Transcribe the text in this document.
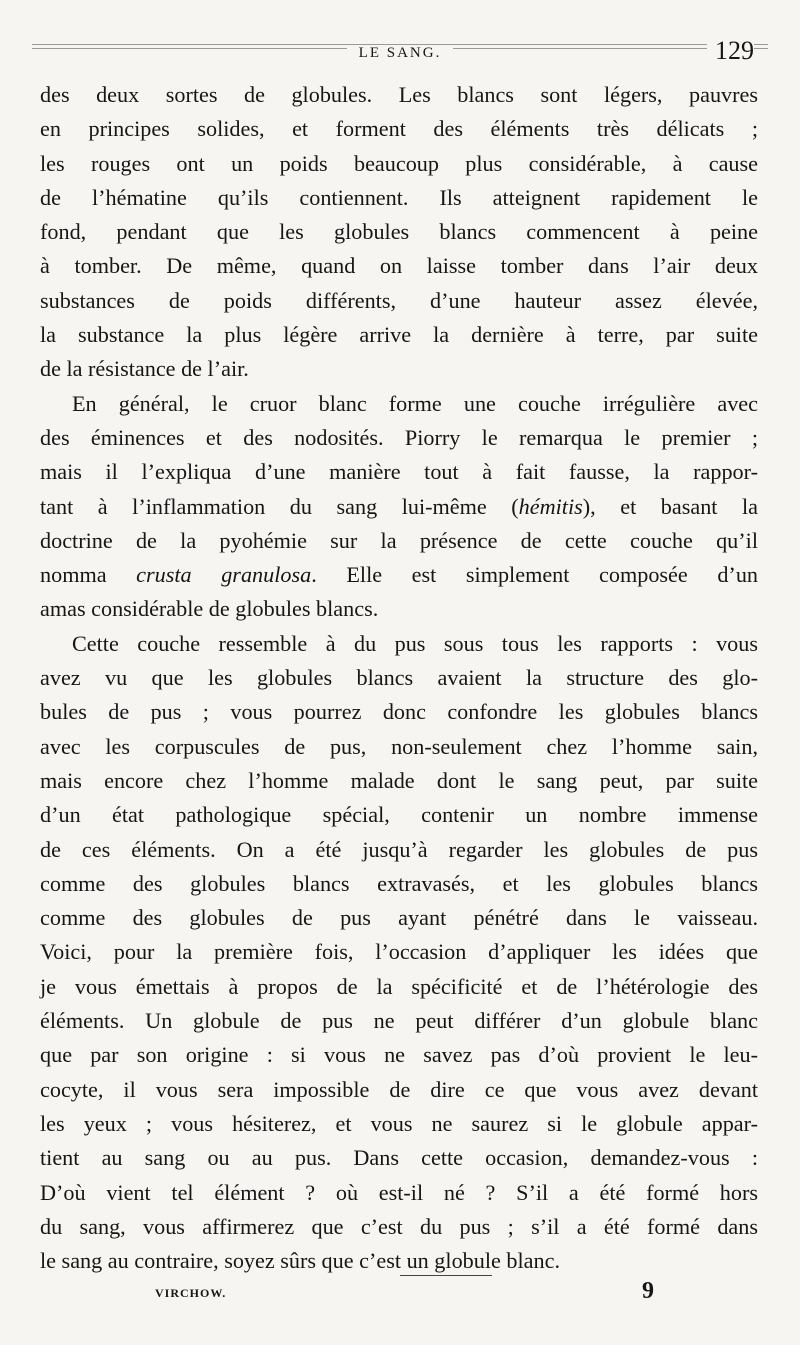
LE SANG.	129

des deux sortes de globules. Les blancs sont légers, pauvres
en principes solides, et forment des éléments très délicats ;
les rouges ont un poids beaucoup plus considérable, à cause
de l’hématine qu’ils contiennent. Ils atteignent rapidement le
fond, pendant que les globules blancs commencent à peine
à tomber. De même, quand on laisse tomber dans l’air deux
substances de poids différents, d’une hauteur assez élevée,
la substance la plus légère arrive la dernière à terre, par suite
de la résistance de l’air.

En général, le cruor blanc forme une couche irrégulière avec
des éminences et des nodosités. Piorry le remarqua le premier ;
mais il l’expliqua d’une manière tout à fait fausse, la rappor-
tant à l’inflammation du sang lui-même (hémitis), et basant la
doctrine de la pyohémie sur la présence de cette couche qu’il
nomma crusta granulosa. Elle est simplement composée d’un
amas considérable de globules blancs.

Cette couche ressemble à du pus sous tous les rapports : vous
avez vu que les globules blancs avaient la structure des glo-
bules de pus ; vous pourrez donc confondre les globules blancs
avec les corpuscules de pus, non-seulement chez l’homme sain,
mais encore chez l’homme malade dont le sang peut, par suite
d’un état pathologique spécial, contenir un nombre immense
de ces éléments. On a été jusqu’à regarder les globules de pus
comme des globules blancs extravasés, et les globules blancs
comme des globules de pus ayant pénétré dans le vaisseau.
Voici, pour la première fois, l’occasion d’appliquer les idées que
je vous émettais à propos de la spécificité et de l’hétérologie des
éléments. Un globule de pus ne peut différer d’un globule blanc
que par son origine : si vous ne savez pas d’où provient le leu-
cocyte, il vous sera impossible de dire ce que vous avez devant
les yeux ; vous hésiterez, et vous ne saurez si le globule appar-
tient au sang ou au pus. Dans cette occasion, demandez-vous :
D’où vient tel élément ? où est-il né ? S’il a été formé hors
du sang, vous affirmerez que c’est du pus ; s’il a été formé dans
le sang au contraire, soyez sûrs que c’est un globule blanc.

VIRCHOW.	9
